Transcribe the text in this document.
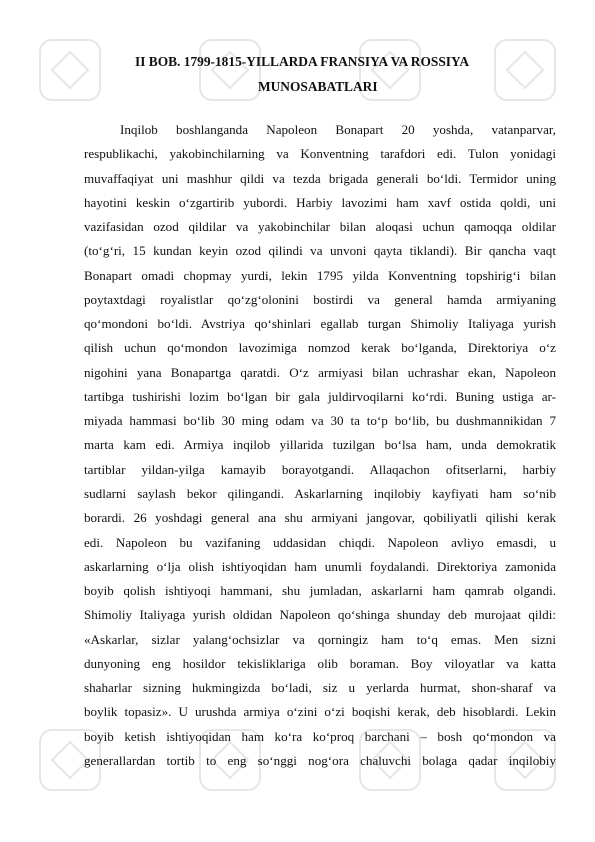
II BOB. 1799-1815-YILLARDA FRANSIYA VA ROSSIYA
MUNOSABATLARI
Inqilob boshlanganda Napoleon Bonapart 20 yoshda, vatanparvar,
respublikachi, yakobinchilarning va Konventning tarafdori edi. Tulon yonidagi
muvaffaqiyat uni mashhur qildi va tezda brigada generali bo‘ldi. Termidor uning
hayotini keskin o‘zgartirib yubordi. Harbiy lavozimi ham xavf ostida qoldi, uni
vazifasidan ozod qildilar va yakobinchilar bilan aloqasi uchun qamoqqa oldilar
(to‘g‘ri, 15 kundan keyin ozod qilindi va unvoni qayta tiklandi). Bir qancha vaqt
Bonapart omadi chopmay yurdi, lekin 1795 yilda Konventning topshirig‘i bilan
poytaxtdagi royalistlar qo‘zg‘olonini bostirdi va general hamda armiyaning
qo‘mondoni bo‘ldi. Avstriya qo‘shinlari egallab turgan Shimoliy Italiyaga yurish
qilish uchun qo‘mondon lavozimiga nomzod kerak bo‘lganda, Direktoriya o‘z
nigohini yana Bonapartga qaratdi. O‘z armiyasi bilan uchrashar ekan, Napoleon
tartibga tushirishi lozim bo‘lgan bir gala juldirvoqilarni ko‘rdi. Buning ustiga ar-
miyada hammasi bo‘lib 30 ming odam va 30 ta to‘p bo‘lib, bu dushmannikidan 7
marta kam edi. Armiya inqilob yillarida tuzilgan bo‘lsa ham, unda demokratik
tartiblar yildan-yilga kamayib borayotgandi. Allaqachon ofitserlarni, harbiy
sudlarni saylash bekor qilingandi. Askarlarning inqilobiy kayfiyati ham so‘nib
borardi. 26 yoshdagi general ana shu armiyani jangovar, qobiliyatli qilishi kerak
edi. Napoleon bu vazifaning uddasidan chiqdi. Napoleon avliyo emasdi, u
askarlarning o‘lja olish ishtiyoqidan ham unumli foydalandi. Direktoriya zamonida
boyib qolish ishtiyoqi hammani, shu jumladan, askarlarni ham qamrab olgandi.
Shimoliy Italiyaga yurish oldidan Napoleon qo‘shinga shunday deb murojaat qildi:
«Askarlar, sizlar yalang‘ochsizlar va qorningiz ham to‘q emas. Men sizni
dunyoning eng hosildor tekisliklariga olib boraman. Boy viloyatlar va katta
shaharlar sizning hukmingizda bo‘ladi, siz u yerlarda hurmat, shon-sharaf va
boylik topasiz». U urushda armiya o‘zini o‘zi boqishi kerak, deb hisoblardi. Lekin
boyib ketish ishtiyoqidan ham ko‘ra ko‘proq barchani – bosh qo‘mondon va
generallardan tortib to eng so‘nggi nog‘ora chaluvchi bolaga qadar inqilobiy
